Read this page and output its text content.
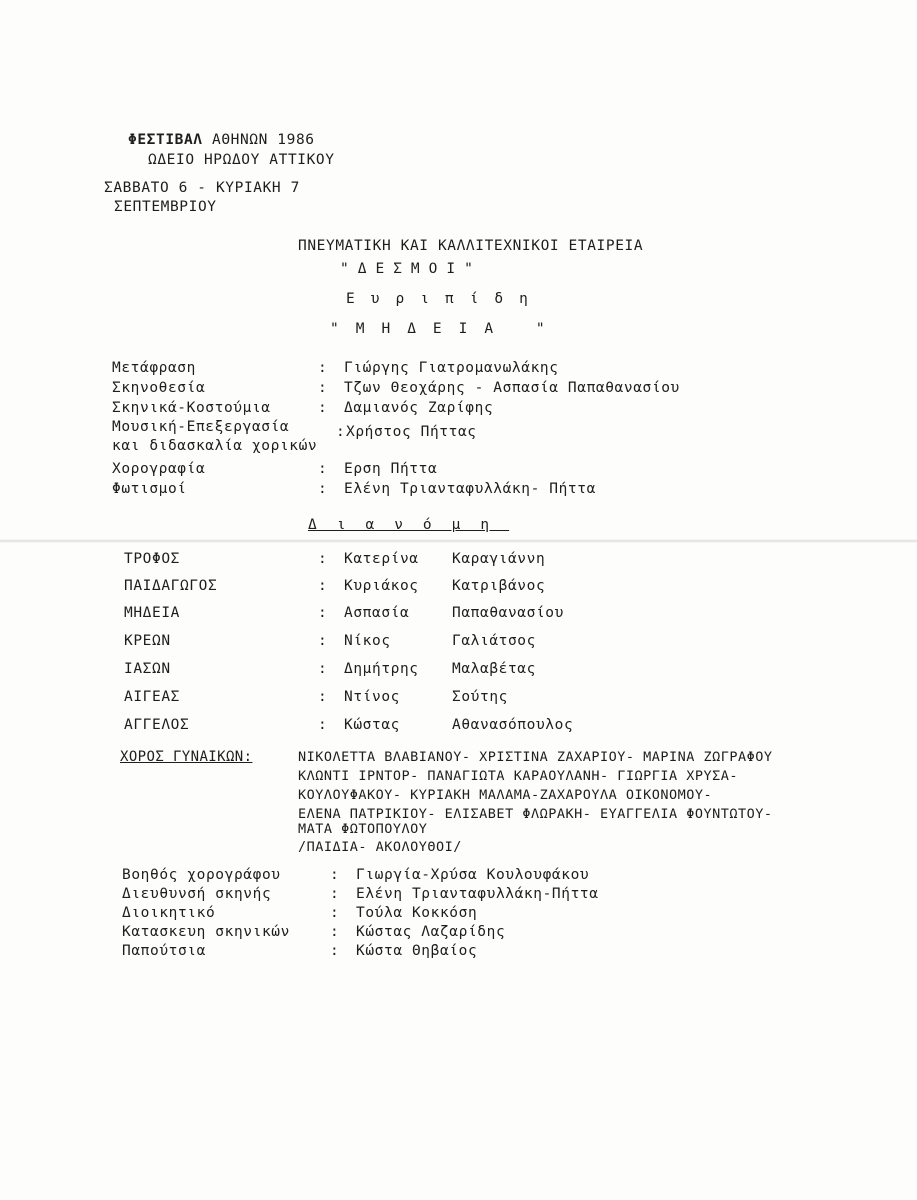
ΦΕΣΤΙΒΑΛ ΑΘΗΝΩΝ 1986
ΩΔΕΙΟ ΗΡΩΔΟΥ ΑΤΤΙΚΟΥ
ΣΑΒΒΑΤΟ 6 - ΚΥΡΙΑΚΗ 7
ΣΕΠΤΕΜΒΡΙΟΥ
ΠΝΕΥΜΑΤΙΚΗ ΚΑΙ ΚΑΛΛΙΤΕΧΝΙΚΟΙ ΕΤΑΙΡΕΙΑ
"ΔΕΣΜΟΙ"
Ευριπίδη
"ΜΗΔΕΙΑ "
Μετάφραση	: Γιώργης Γιατρομανωλάκης
Σκηνοθεσία	: Τζων Θεοχάρης - Ασπασία Παπαθανασίου
Σκηνικά-Κοστούμια	: Δαμιανός Ζαρίφης
Μουσική-Επεξεργασία
και διδασκαλία χορικών
: Χρήστος Πήττας
Χορογραφία	: Ερση Πήττα
Φωτισμοί	: Ελένη Τριανταφυλλάκη- Πήττα
Διανόμη
ΤΡΟΦΟΣ	: Κατερίνα Καραγιάννη
ΠΑΙΔΑΓΩΓΟΣ	: Κυριάκος Κατριβάνος
ΜΗΔΕΙΑ	: Ασπασία	Παπαθανασίου
ΚΡΕΩΝ	: Νίκος	Γαλιάτσος
ΙΑΣΩΝ	: Δημήτρης Μαλαβέτας
ΑΙΓΕΑΣ	: Ντίνος	Σούτης
ΑΓΓΕΛΟΣ	: Κώστας	Αθανασόπουλος
ΧΟΡΟΣ ΓΥΝΑΙΚΩΝ:	ΝΙΚΟΛΕΤΤΑ ΒΛΑΒΙΑΝΟΥ- ΧΡΙΣΤΙΝΑ ΖΑΧΑΡΙΟΥ- ΜΑΡΙΝΑ ΖΩΓΡΑΦΟΥ
ΚΛΩΝΤΙ ΙΡΝΤΟΡ- ΠΑΝΑΓΙΩΤΑ ΚΑΡΑΟΥΛΑΝΗ- ΓΙΩΡΓΙΑ ΧΡΥΣΑ-
ΚΟΥΛΟΥΦΑΚΟΥ- ΚΥΡΙΑΚΗ ΜΑΛΑΜΑ-ΖΑΧΑΡΟΥΛΑ ΟΙΚΟΝΟΜΟΥ-
ΕΛΕΝΑ ΠΑΤΡΙΚΙΟΥ- ΕΛΙΣΑΒΕΤ ΦΛΩΡΑΚΗ- ΕΥΑΓΓΕΛΙΑ ΦΟΥΝΤΩΤΟΥ-
ΜΑΤΑ ΦΩΤΟΠΟΥΛΟΥ
/ΠΑΙΔΙΑ- ΑΚΟΛΟΥΘΟΙ/
Βοηθός χορογράφου	: Γιωργία-Χρύσα Κουλουφάκου
Διευθυνσή σκηνής	: Ελένη Τριανταφυλλάκη-Πήττα
Διοικητικό	: Τούλα Κοκκόση
Κατασκευη σκηνικών	: Κώστας Λαζαρίδης
Παπούτσια	: Κώστα Θηβαίος
